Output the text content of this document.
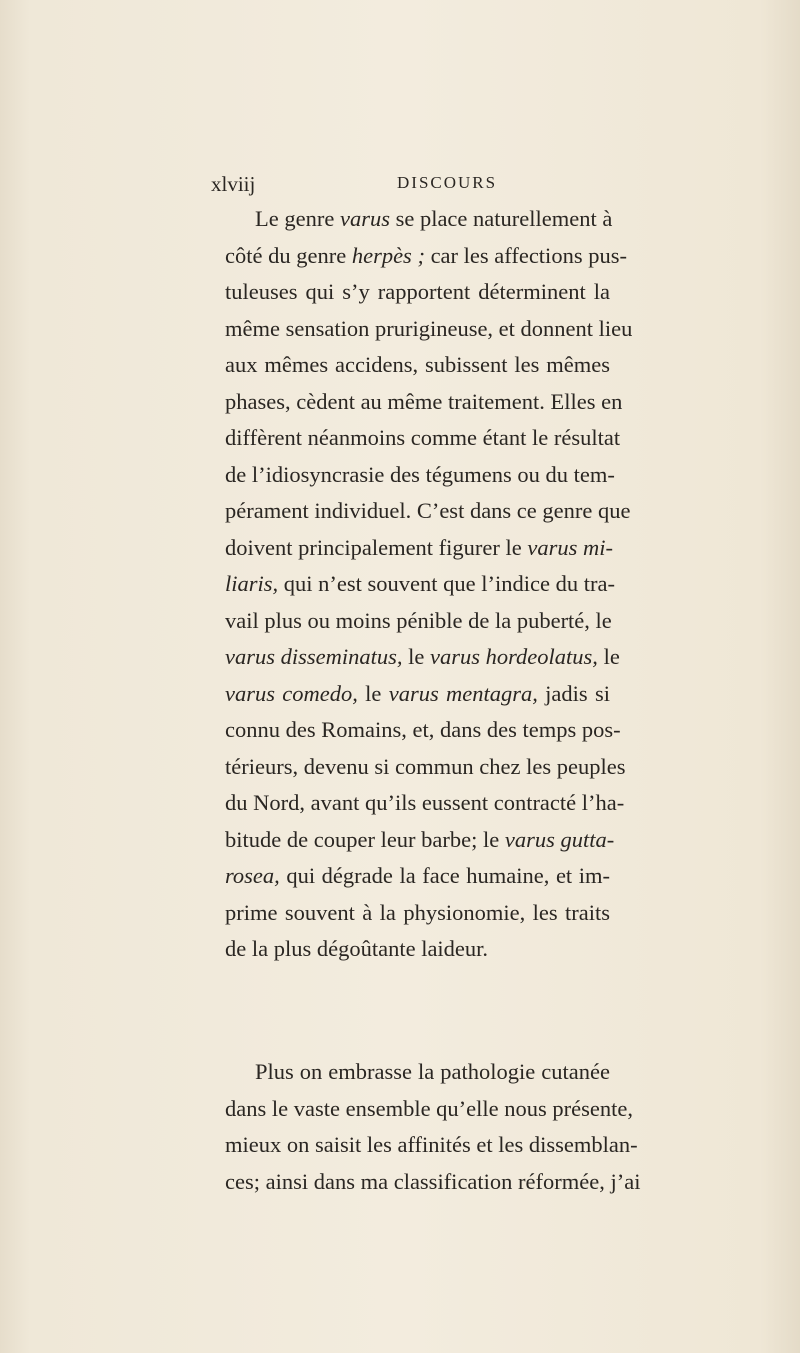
xlviij	DISCOURS
Le genre varus se place naturellement à
côté du genre herpès ; car les affections pus-
tuleuses qui s’y rapportent déterminent la
même sensation prurigineuse, et donnent lieu
aux mêmes accidens, subissent les mêmes
phases, cèdent au même traitement. Elles en
diffèrent néanmoins comme étant le résultat
de l’idiosyncrasie des tégumens ou du tem-
pérament individuel. C’est dans ce genre que
doivent principalement figurer le varus mi-
liaris, qui n’est souvent que l’indice du tra-
vail plus ou moins pénible de la puberté, le
varus disseminatus, le varus hordeolatus, le
varus comedo, le varus mentagra, jadis si
connu des Romains, et, dans des temps pos-
térieurs, devenu si commun chez les peuples
du Nord, avant qu’ils eussent contracté l’ha-
bitude de couper leur barbe; le varus gutta-
rosea, qui dégrade la face humaine, et im-
prime souvent à la physionomie, les traits
de la plus dégoûtante laideur.
Plus on embrasse la pathologie cutanée
dans le vaste ensemble qu’elle nous présente,
mieux on saisit les affinités et les dissemblan-
ces; ainsi dans ma classification réformée, j’ai
